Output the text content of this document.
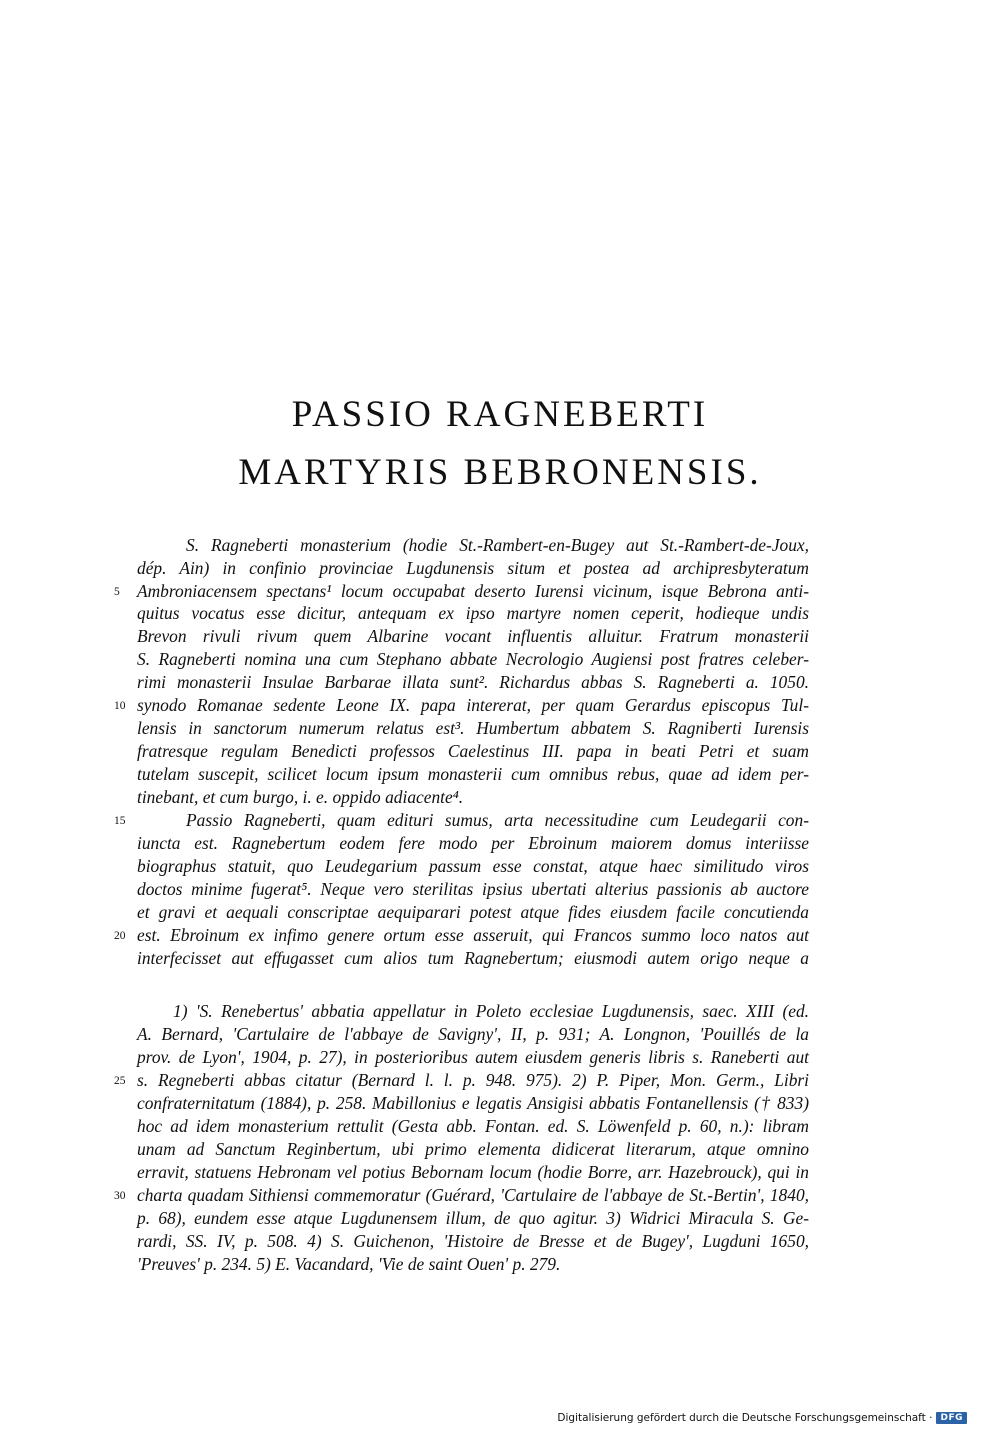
PASSIO RAGNEBERTI
MARTYRIS BEBRONENSIS.
S. Ragneberti monasterium (hodie St.-Rambert-en-Bugey aut St.-Rambert-de-Joux,
dép. Ain) in confinio provinciae Lugdunensis situm et postea ad archipresbyteratum
Ambroniacensem spectans¹ locum occupabat deserto Iurensi vicinum, isque Bebrona anti-
quitus vocatus esse dicitur, antequam ex ipso martyre nomen ceperit, hodieque undis
Brevon rivuli rivum quem Albarine vocant influentis alluitur. Fratrum monasterii
S. Ragneberti nomina una cum Stephano abbate Necrologio Augiensi post fratres celeber-
rimi monasterii Insulae Barbarae illata sunt². Richardus abbas S. Ragneberti a. 1050.
synodo Romanae sedente Leone IX. papa intererat, per quam Gerardus episcopus Tul-
lensis in sanctorum numerum relatus est³. Humbertum abbatem S. Ragniberti Iurensis
fratresque regulam Benedicti professos Caelestinus III. papa in beati Petri et suam
tutelam suscepit, scilicet locum ipsum monasterii cum omnibus rebus, quae ad idem per-
tinebant, et cum burgo, i. e. oppido adiacente⁴.
Passio Ragneberti, quam edituri sumus, arta necessitudine cum Leudegarii con-
iuncta est. Ragnebertum eodem fere modo per Ebroinum maiorem domus interiisse
biographus statuit, quo Leudegarium passum esse constat, atque haec similitudo viros
doctos minime fugerat⁵. Neque vero sterilitas ipsius ubertati alterius passionis ab auctore
et gravi et aequali conscriptae aequiparari potest atque fides eiusdem facile concutienda
est. Ebroinum ex infimo genere ortum esse asseruit, qui Francos summo loco natos aut
interfecisset aut effugasset cum alios tum Ragnebertum; eiusmodi autem origo neque a
1) 'S. Renebertus' abbatia appellatur in Poleto ecclesiae Lugdunensis, saec. XIII (ed.
A. Bernard, 'Cartulaire de l'abbaye de Savigny', II, p. 931; A. Longnon, 'Pouillés de la
prov. de Lyon', 1904, p. 27), in posterioribus autem eiusdem generis libris s. Raneberti aut
s. Regneberti abbas citatur (Bernard l. l. p. 948. 975). 2) P. Piper, Mon. Germ., Libri
confraternitatum (1884), p. 258. Mabillonius e legatis Ansigisi abbatis Fontanellensis († 833)
hoc ad idem monasterium rettulit (Gesta abb. Fontan. ed. S. Löwenfeld p. 60, n.): libram
unam ad Sanctum Reginbertum, ubi primo elementa didicerat literarum, atque omnino
erravit, statuens Hebronam vel potius Bebornam locum (hodie Borre, arr. Hazebrouck), qui in
charta quadam Sithiensi commemoratur (Guérard, 'Cartulaire de l'abbaye de St.-Bertin', 1840,
p. 68), eundem esse atque Lugdunensem illum, de quo agitur. 3) Widrici Miracula S. Ge-
rardi, SS. IV, p. 508. 4) S. Guichenon, 'Histoire de Bresse et de Bugey', Lugduni 1650,
'Preuves' p. 234. 5) E. Vacandard, 'Vie de saint Ouen' p. 279.
5
10
15
20
25
30
Digitalisierung gefördert durch die Deutsche Forschungsgemeinschaft · DFG
